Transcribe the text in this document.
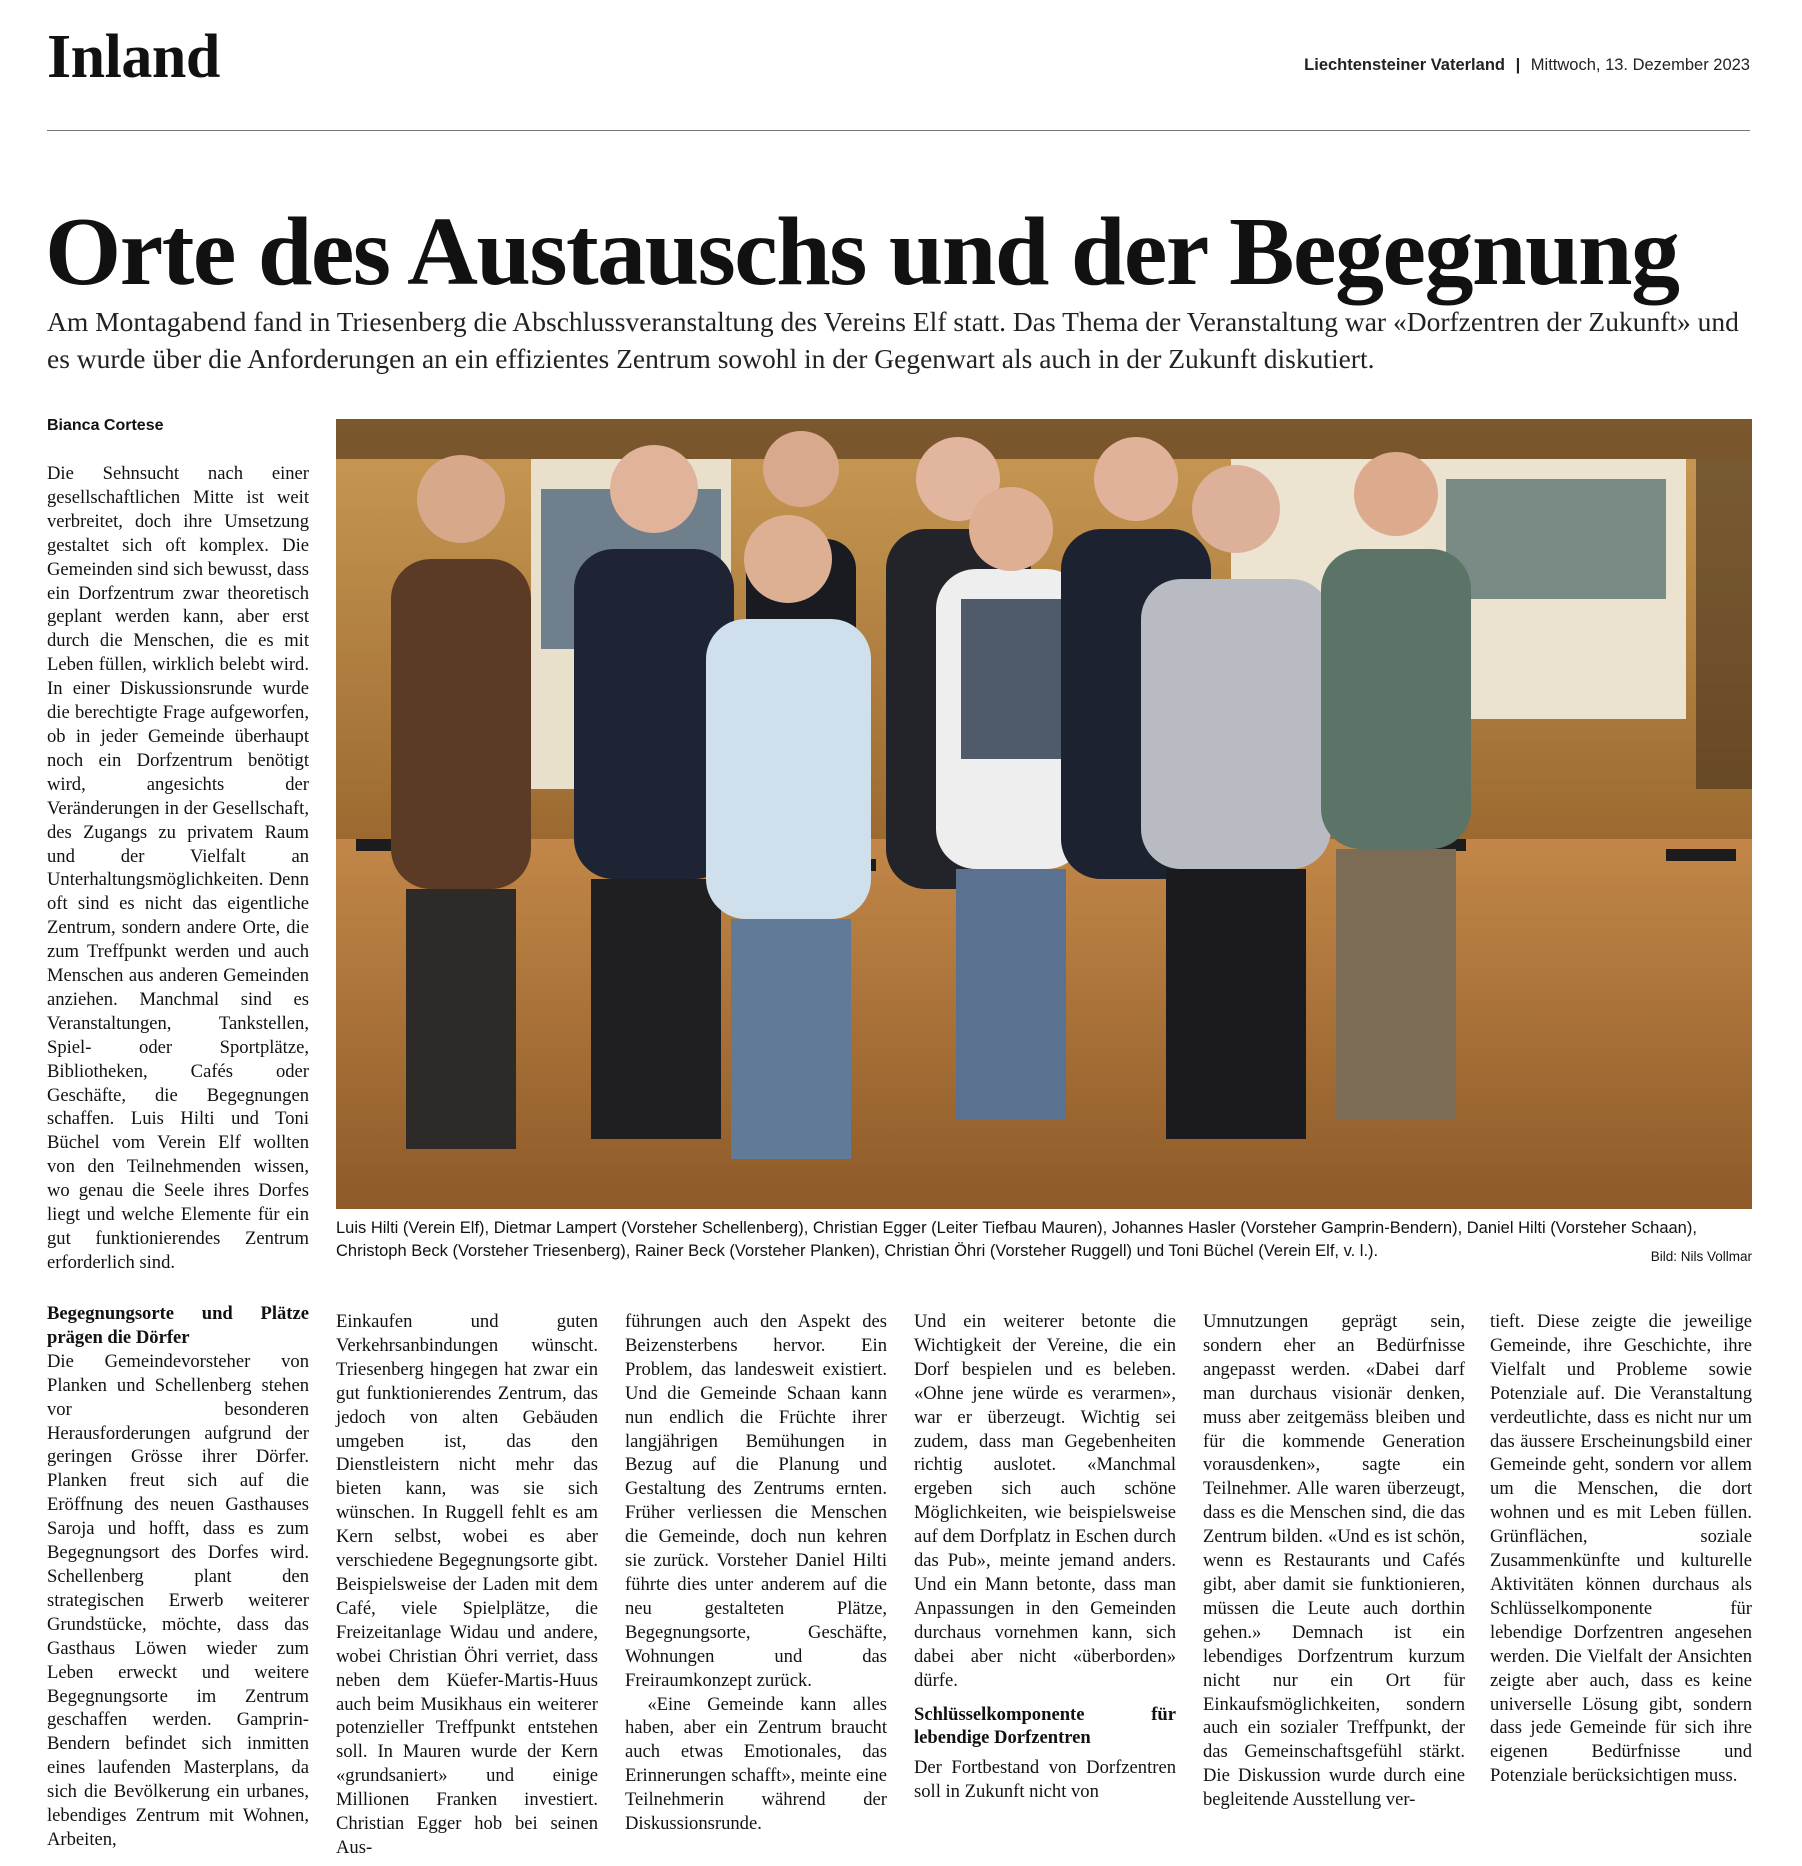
Inland	Liechtensteiner Vaterland | Mittwoch, 13. Dezember 2023
Orte des Austauschs und der Begegnung
Am Montagabend fand in Triesenberg die Abschlussveranstaltung des Vereins Elf statt. Das Thema der Veranstaltung war «Dorfzentren der Zukunft» und es wurde über die Anforderungen an ein effizientes Zentrum sowohl in der Gegenwart als auch in der Zukunft diskutiert.
Bianca Cortese

Die Sehnsucht nach einer gesellschaftlichen Mitte ist weit verbreitet, doch ihre Umsetzung gestaltet sich oft komplex. Die Gemeinden sind sich bewusst, dass ein Dorfzentrum zwar theoretisch geplant werden kann, aber erst durch die Menschen, die es mit Leben füllen, wirklich belebt wird. In einer Diskussionsrunde wurde die berechtigte Frage aufgeworfen, ob in jeder Gemeinde überhaupt noch ein Dorfzentrum benötigt wird, angesichts der Veränderungen in der Gesellschaft, des Zugangs zu privatem Raum und der Vielfalt an Unterhaltungsmöglichkeiten. Denn oft sind es nicht das eigentliche Zentrum, sondern andere Orte, die zum Treffpunkt werden und auch Menschen aus anderen Gemeinden anziehen. Manchmal sind es Veranstaltungen, Tankstellen, Spiel- oder Sportplätze, Bibliotheken, Cafés oder Geschäfte, die Begegnungen schaffen. Luis Hilti und Toni Büchel vom Verein Elf wollten von den Teilnehmenden wissen, wo genau die Seele ihres Dorfes liegt und welche Elemente für ein gut funktionierendes Zentrum erforderlich sind.

Luis Hilti (Verein Elf), Dietmar Lampert (Vorsteher Schellenberg), Christian Egger (Leiter Tiefbau Mauren), Johannes Hasler (Vorsteher Gamprin-Bendern), Daniel Hilti (Vorsteher Schaan), Christoph Beck (Vorsteher Triesenberg), Rainer Beck (Vorsteher Planken), Christian Öhri (Vorsteher Ruggell) und Toni Büchel (Verein Elf, v. l.).	Bild: Nils Vollmar
Begegnungsorte und Plätze prägen die Dörfer

Die Gemeindevorsteher von Planken und Schellenberg stehen vor besonderen Herausforderungen aufgrund der geringen Grösse ihrer Dörfer. Planken freut sich auf die Eröffnung des neuen Gasthauses Saroja und hofft, dass es zum Begegnungsort des Dorfes wird. Schellenberg plant den strategischen Erwerb weiterer Grundstücke, möchte, dass das Gasthaus Löwen wieder zum Leben erweckt und weitere Begegnungsorte im Zentrum geschaffen werden. Gamprin-Bendern befindet sich inmitten eines laufenden Masterplans, da sich die Bevölkerung ein urbanes, lebendiges Zentrum mit Wohnen, Arbeiten,

Einkaufen und guten Verkehrsanbindungen wünscht. Triesenberg hingegen hat zwar ein gut funktionierendes Zentrum, das jedoch von alten Gebäuden umgeben ist, das den Dienstleistern nicht mehr das bieten kann, was sie sich wünschen. In Ruggell fehlt es am Kern selbst, wobei es aber verschiedene Begegnungsorte gibt. Beispielsweise der Laden mit dem Café, viele Spielplätze, die Freizeitanlage Widau und andere, wobei Christian Öhri verriet, dass neben dem Küefer-Martis-Huus auch beim Musikhaus ein weiterer potenzieller Treffpunkt entstehen soll. In Mauren wurde der Kern «grundsaniert» und einige Millionen Franken investiert. Christian Egger hob bei seinen Aus-

führungen auch den Aspekt des Beizensterbens hervor. Ein Problem, das landesweit existiert. Und die Gemeinde Schaan kann nun endlich die Früchte ihrer langjährigen Bemühungen in Bezug auf die Planung und Gestaltung des Zentrums ernten. Früher verliessen die Menschen die Gemeinde, doch nun kehren sie zurück. Vorsteher Daniel Hilti führte dies unter anderem auf die neu gestalteten Plätze, Begegnungsorte, Geschäfte, Wohnungen und das Freiraumkonzept zurück.

«Eine Gemeinde kann alles haben, aber ein Zentrum braucht auch etwas Emotionales, das Erinnerungen schafft», meinte eine Teilnehmerin während der Diskussionsrunde.

Und ein weiterer betonte die Wichtigkeit der Vereine, die ein Dorf bespielen und es beleben. «Ohne jene würde es verarmen», war er überzeugt. Wichtig sei zudem, dass man Gegebenheiten richtig auslotet. «Manchmal ergeben sich auch schöne Möglichkeiten, wie beispielsweise auf dem Dorfplatz in Eschen durch das Pub», meinte jemand anders. Und ein Mann betonte, dass man Anpassungen in den Gemeinden durchaus vornehmen kann, sich dabei aber nicht «überborden» dürfe.

Schlüsselkomponente für lebendige Dorfzentren

Der Fortbestand von Dorfzentren soll in Zukunft nicht von

Umnutzungen geprägt sein, sondern eher an Bedürfnisse angepasst werden. «Dabei darf man durchaus visionär denken, muss aber zeitgemäss bleiben und für die kommende Generation vorausdenken», sagte ein Teilnehmer. Alle waren überzeugt, dass es die Menschen sind, die das Zentrum bilden. «Und es ist schön, wenn es Restaurants und Cafés gibt, aber damit sie funktionieren, müssen die Leute auch dorthin gehen.» Demnach ist ein lebendiges Dorfzentrum kurzum nicht nur ein Ort für Einkaufsmöglichkeiten, sondern auch ein sozialer Treffpunkt, der das Gemeinschaftsgefühl stärkt. Die Diskussion wurde durch eine begleitende Ausstellung ver-

tieft. Diese zeigte die jeweilige Gemeinde, ihre Geschichte, ihre Vielfalt und Probleme sowie Potenziale auf. Die Veranstaltung verdeutlichte, dass es nicht nur um das äussere Erscheinungsbild einer Gemeinde geht, sondern vor allem um die Menschen, die dort wohnen und es mit Leben füllen. Grünflächen, soziale Zusammenkünfte und kulturelle Aktivitäten können durchaus als Schlüsselkomponente für lebendige Dorfzentren angesehen werden. Die Vielfalt der Ansichten zeigte aber auch, dass es keine universelle Lösung gibt, sondern dass jede Gemeinde für sich ihre eigenen Bedürfnisse und Potenziale berücksichtigen muss.
